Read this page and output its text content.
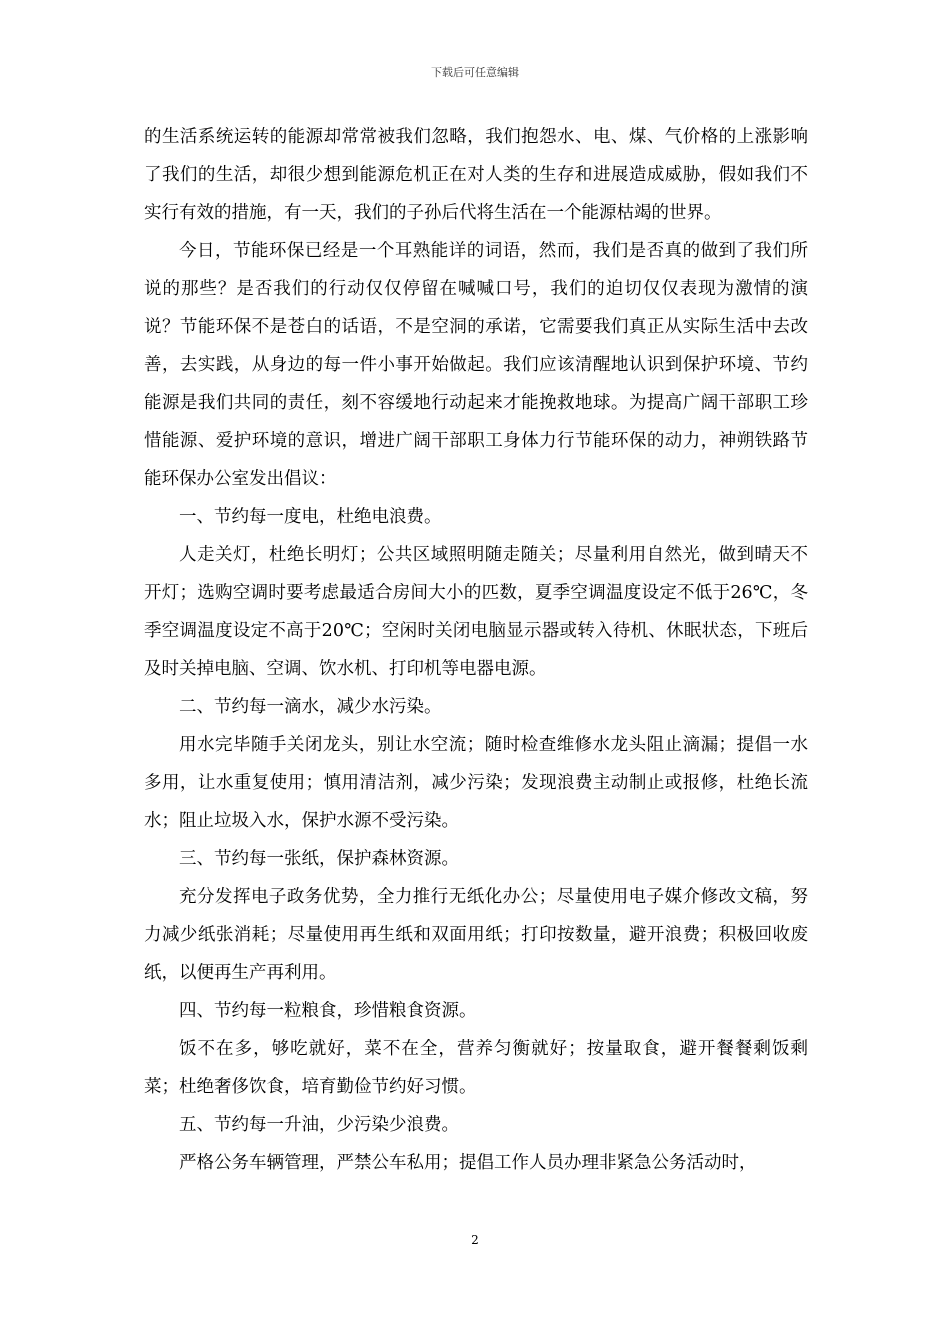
下载后可任意编辑

的生活系统运转的能源却常常被我们忽略，我们抱怨水、电、煤、气价格的上涨影响了我们的生活，却很少想到能源危机正在对人类的生存和进展造成威胁，假如我们不实行有效的措施，有一天，我们的子孙后代将生活在一个能源枯竭的世界。

今日，节能环保已经是一个耳熟能详的词语，然而，我们是否真的做到了我们所说的那些？是否我们的行动仅仅停留在喊喊口号，我们的迫切仅仅表现为激情的演说？节能环保不是苍白的话语，不是空洞的承诺，它需要我们真正从实际生活中去改善，去实践，从身边的每一件小事开始做起。我们应该清醒地认识到保护环境、节约能源是我们共同的责任，刻不容缓地行动起来才能挽救地球。为提高广阔干部职工珍惜能源、爱护环境的意识，增进广阔干部职工身体力行节能环保的动力，神朔铁路节能环保办公室发出倡议：

一、节约每一度电，杜绝电浪费。

人走关灯，杜绝长明灯；公共区域照明随走随关；尽量利用自然光，做到晴天不开灯；选购空调时要考虑最适合房间大小的匹数，夏季空调温度设定不低于26℃，冬季空调温度设定不高于20℃；空闲时关闭电脑显示器或转入待机、休眠状态，下班后及时关掉电脑、空调、饮水机、打印机等电器电源。

二、节约每一滴水，减少水污染。

用水完毕随手关闭龙头，别让水空流；随时检查维修水龙头阻止滴漏；提倡一水多用，让水重复使用；慎用清洁剂，减少污染；发现浪费主动制止或报修，杜绝长流水；阻止垃圾入水，保护水源不受污染。

三、节约每一张纸，保护森林资源。

充分发挥电子政务优势，全力推行无纸化办公；尽量使用电子媒介修改文稿，努力减少纸张消耗；尽量使用再生纸和双面用纸；打印按数量，避开浪费；积极回收废纸，以便再生产再利用。

四、节约每一粒粮食，珍惜粮食资源。

饭不在多，够吃就好，菜不在全，营养匀衡就好；按量取食，避开餐餐剩饭剩菜；杜绝奢侈饮食，培育勤俭节约好习惯。

五、节约每一升油，少污染少浪费。

严格公务车辆管理，严禁公车私用；提倡工作人员办理非紧急公务活动时，

2
